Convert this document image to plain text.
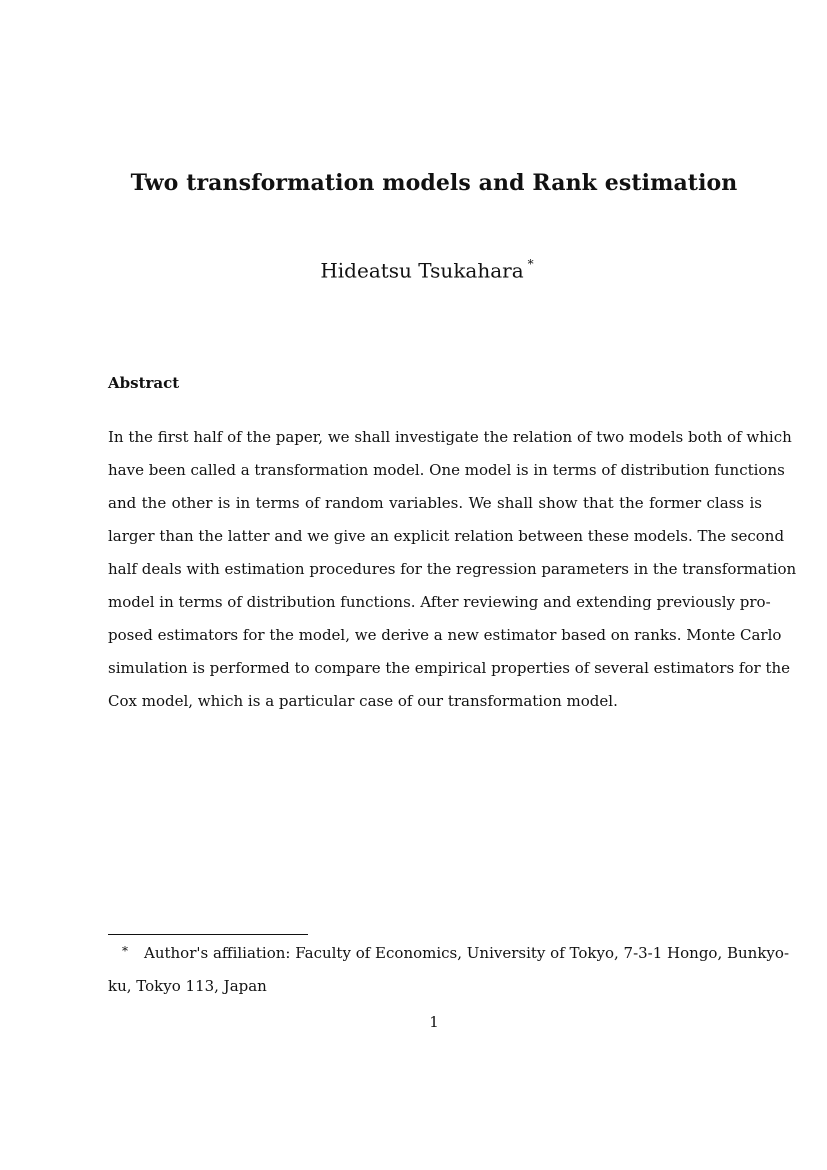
Two transformation models and Rank estimation
Hideatsu Tsukahara *
Abstract
In the first half of the paper, we shall investigate the relation of two models both of which
have been called a transformation model. One model is in terms of distribution functions
and the other is in terms of random variables. We shall show that the former class is
larger than the latter and we give an explicit relation between these models. The second
half deals with estimation procedures for the regression parameters in the transformation
model in terms of distribution functions. After reviewing and extending previously pro-
posed estimators for the model, we derive a new estimator based on ranks. Monte Carlo
simulation is performed to compare the empirical properties of several estimators for the
Cox model, which is a particular case of our transformation model.
* Author's affiliation: Faculty of Economics, University of Tokyo, 7-3-1 Hongo, Bunkyo-
ku, Tokyo 113, Japan
1
